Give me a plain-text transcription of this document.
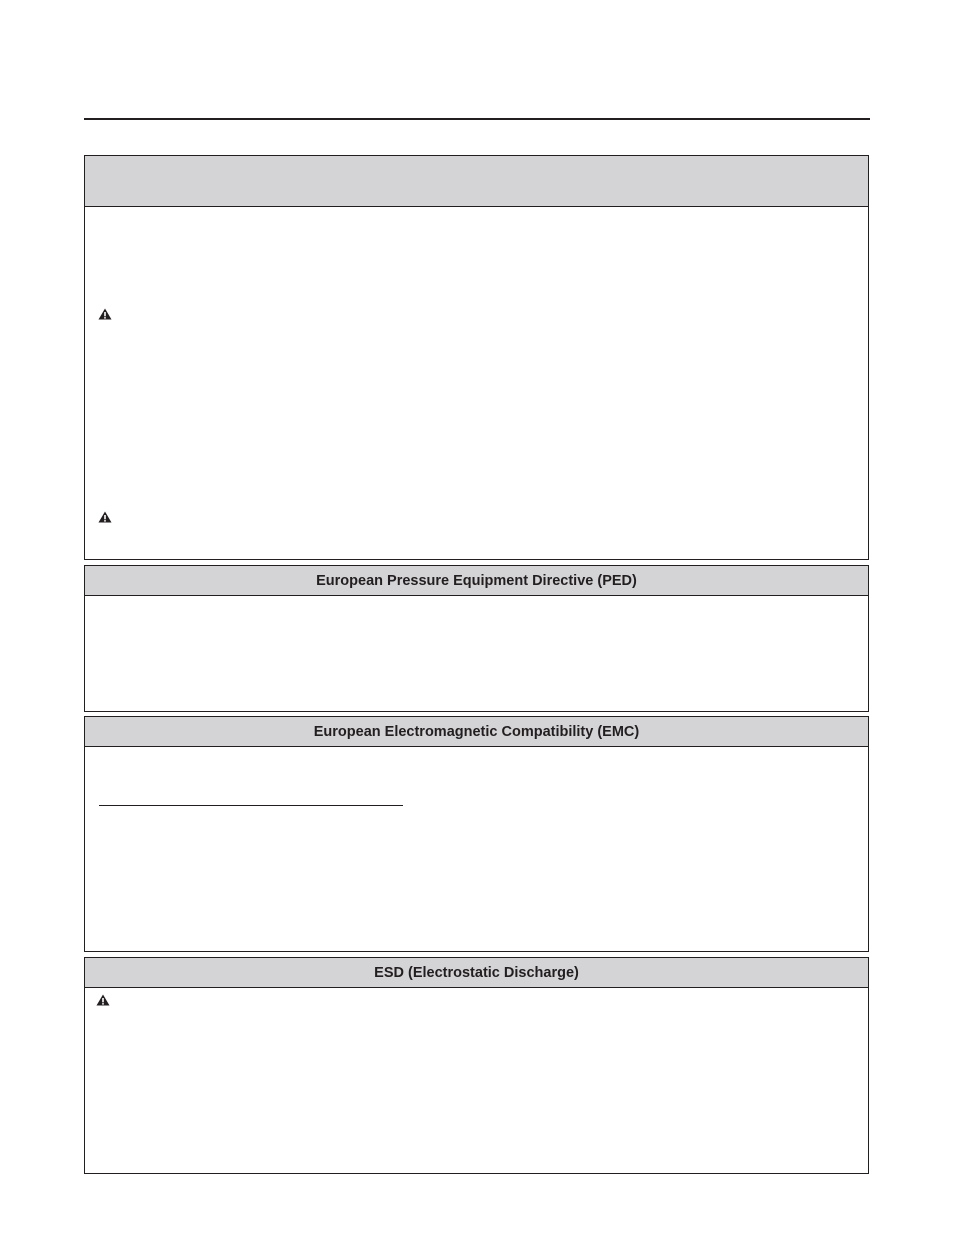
European Pressure Equipment Directive (PED)
European Electromagnetic Compatibility (EMC)
ESD (Electrostatic Discharge)
